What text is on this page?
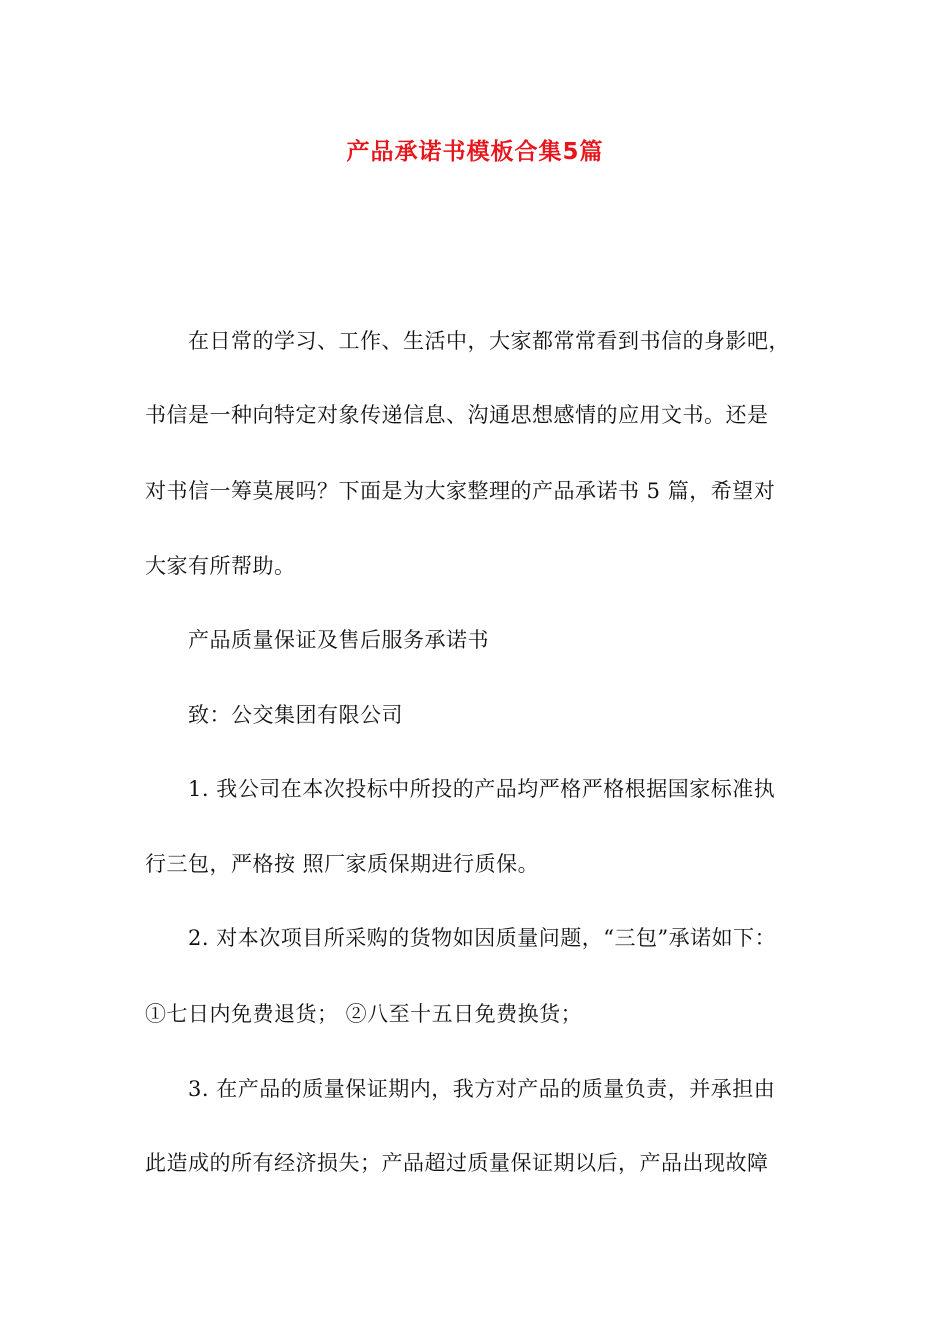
产品承诺书模板合集5篇
在日常的学习、工作、生活中，大家都常常看到书信的身影吧，
书信是一种向特定对象传递信息、沟通思想感情的应用文书。还是
对书信一筹莫展吗？下面是为大家整理的产品承诺书 5 篇，希望对
大家有所帮助。
产品质量保证及售后服务承诺书
致：公交集团有限公司
1. 我公司在本次投标中所投的产品均严格严格根据国家标准执
行三包，严格按 照厂家质保期进行质保。
2. 对本次项目所采购的货物如因质量问题，“三包”承诺如下：
①七日内免费退货； ②八至十五日免费换货；
3. 在产品的质量保证期内，我方对产品的质量负责，并承担由
此造成的所有经济损失；产品超过质量保证期以后，产品出现故障
